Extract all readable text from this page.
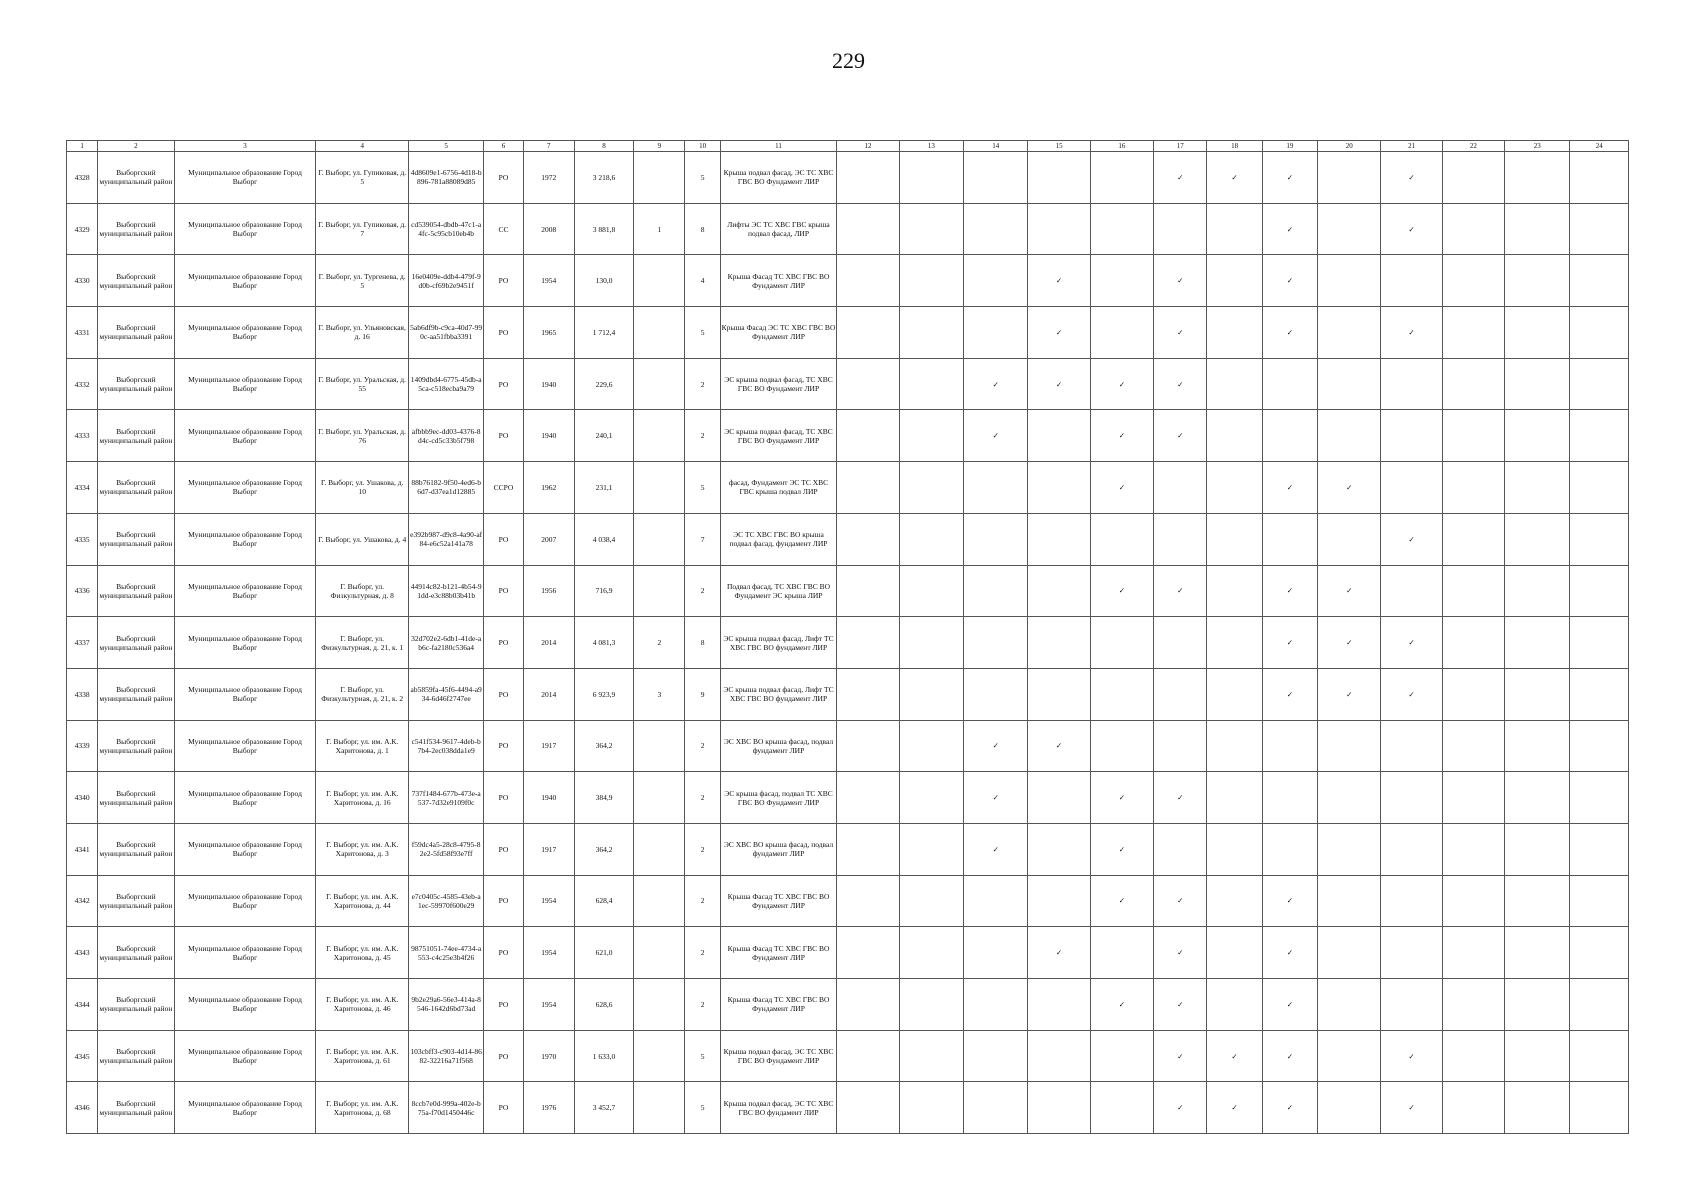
229
1	2	3	4	5	6	7	8	9	10	11	12	13	14	15	16	17	18	19	20	21	22	23	24
4328	Выборгский муниципальный район	Муниципальное образование Город Выборг	Г. Выборг, ул. Гупиковая, д. 5	4d8609e1-6756-4d18-b896-781a88089d85	РО	1972	3 218,6		5	Крыша подвал фасад, ЭС ТС ХВС ГВС ВО Фундамент ЛИР						✓	✓	✓		✓			
4329	Выборгский муниципальный район	Муниципальное образование Город Выборг	Г. Выборг, ул. Гупиковая, д. 7	cd539054-dbdb-47c1-a4fc-5c95cb10eb4b	СС	2008	3 881,8	1	8	Лифты ЭС ТС ХВС ГВС крыша подвал фасад, ЛИР								✓		✓			
4330	Выборгский муниципальный район	Муниципальное образование Город Выборг	Г. Выборг, ул. Тургенева, д. 5	16e0409e-ddb4-479f-9d0b-cf69b2e9451f	РО	1954	130,0		4	Крыша Фасад ТС ХВС ГВС ВО Фундамент ЛИР				✓		✓		✓					
4331	Выборгский муниципальный район	Муниципальное образование Город Выборг	Г. Выборг, ул. Ульяновская, д. 16	5ab6df9b-c9ca-40d7-990c-aa51fbba3391	РО	1965	1 712,4		5	Крыша Фасад ЭС ТС ХВС ГВС ВО Фундамент ЛИР				✓		✓		✓		✓			
4332	Выборгский муниципальный район	Муниципальное образование Город Выборг	Г. Выборг, ул. Уральская, д. 55	1409dbd4-6775-45db-a5ca-c518ecba9a79	РО	1940	229,6		2	ЭС крыша подвал фасад, ТС ХВС ГВС ВО Фундамент ЛИР			✓	✓	✓	✓							
4333	Выборгский муниципальный район	Муниципальное образование Город Выборг	Г. Выборг, ул. Уральская, д. 76	afbbb9ec-dd03-4376-8d4c-cd5c33b5f798	РО	1940	240,1		2	ЭС крыша подвал фасад, ТС ХВС ГВС ВО Фундамент ЛИР			✓		✓	✓							
4334	Выборгский муниципальный район	Муниципальное образование Город Выборг	Г. Выборг, ул. Ушакова, д. 10	88b76182-9f50-4ed6-b6d7-d37ea1d12885	ССРО	1962	231,1		5	фасад, Фундамент ЭС ТС ХВС ГВС крыша подвал ЛИР					✓			✓	✓				
4335	Выборгский муниципальный район	Муниципальное образование Город Выборг	Г. Выборг, ул. Ушакова, д. 4	e392b987-d9c8-4a90-af84-e6c52a141a78	РО	2007	4 038,4		7	ЭС ТС ХВС ГВС ВО крыша подвал фасад, фундамент ЛИР										✓			
4336	Выборгский муниципальный район	Муниципальное образование Город Выборг	Г. Выборг, ул. Физкультурная, д. 8	44914c82-b121-4b54-91dd-e3c88b03b41b	РО	1956	716,9		2	Подвал фасад, ТС ХВС ГВС ВО Фундамент ЭС крыша ЛИР					✓	✓		✓	✓				
4337	Выборгский муниципальный район	Муниципальное образование Город Выборг	Г. Выборг, ул. Физкультурная, д. 21, к. 1	32d702e2-6db1-41de-ab6c-fa2180c536a4	РО	2014	4 081,3	2	8	ЭС крыша подвал фасад, Лифт ТС ХВС ГВС ВО фундамент ЛИР								✓	✓	✓			
4338	Выборгский муниципальный район	Муниципальное образование Город Выборг	Г. Выборг, ул. Физкультурная, д. 21, к. 2	ab5859fa-45f6-4494-a934-6d46f2747ee	РО	2014	6 923,9	3	9	ЭС крыша подвал фасад, Лифт ТС ХВС ГВС ВО фундамент ЛИР								✓	✓	✓			
4339	Выборгский муниципальный район	Муниципальное образование Город Выборг	Г. Выборг, ул. им. А.К. Харитонова, д. 1	c541f534-9617-4deb-b7b4-2ec038dda1e9	РО	1917	364,2		2	ЭС ХВС ВО крыша фасад, подвал фундамент ЛИР			✓	✓									
4340	Выборгский муниципальный район	Муниципальное образование Город Выборг	Г. Выборг, ул. им. А.К. Харитонова, д. 16	737f1484-677b-473e-a537-7d32e9109f0c	РО	1940	384,9		2	ЭС крыша фасад, подвал ТС ХВС ГВС ВО Фундамент ЛИР			✓		✓	✓							
4341	Выборгский муниципальный район	Муниципальное образование Город Выборг	Г. Выборг, ул. им. А.К. Харитонова, д. 3	f59dc4a5-28c8-4795-82e2-5fd58f93e7ff	РО	1917	364,2		2	ЭС ХВС ВО крыша фасад, подвал фундамент ЛИР			✓		✓								
4342	Выборгский муниципальный район	Муниципальное образование Город Выборг	Г. Выборг, ул. им. А.К. Харитонова, д. 44	e7c0405c-4585-43eb-a1ec-59970f600e29	РО	1954	628,4		2	Крыша Фасад ТС ХВС ГВС ВО Фундамент ЛИР					✓	✓		✓					
4343	Выборгский муниципальный район	Муниципальное образование Город Выборг	Г. Выборг, ул. им. А.К. Харитонова, д. 45	98751051-74ee-4734-a553-c4c25e3b4f26	РО	1954	621,0		2	Крыша Фасад ТС ХВС ГВС ВО Фундамент ЛИР				✓		✓		✓					
4344	Выборгский муниципальный район	Муниципальное образование Город Выборг	Г. Выборг, ул. им. А.К. Харитонова, д. 46	9b2e29a6-56e3-414a-8546-1642d6bd73ad	РО	1954	628,6		2	Крыша Фасад ТС ХВС ГВС ВО Фундамент ЛИР					✓	✓		✓					
4345	Выборгский муниципальный район	Муниципальное образование Город Выборг	Г. Выборг, ул. им. А.К. Харитонова, д. 61	103cbff3-c903-4d14-8682-32216a71f568	РО	1970	1 633,0		5	Крыша подвал фасад, ЭС ТС ХВС ГВС ВО Фундамент ЛИР						✓	✓	✓		✓			
4346	Выборгский муниципальный район	Муниципальное образование Город Выборг	Г. Выборг, ул. им. А.К. Харитонова, д. 68	8ccb7e0d-999a-402e-b75a-f70d1450446c	РО	1976	3 452,7		5	Крыша подвал фасад, ЭС ТС ХВС ГВС ВО фундамент ЛИР						✓	✓	✓		✓			
